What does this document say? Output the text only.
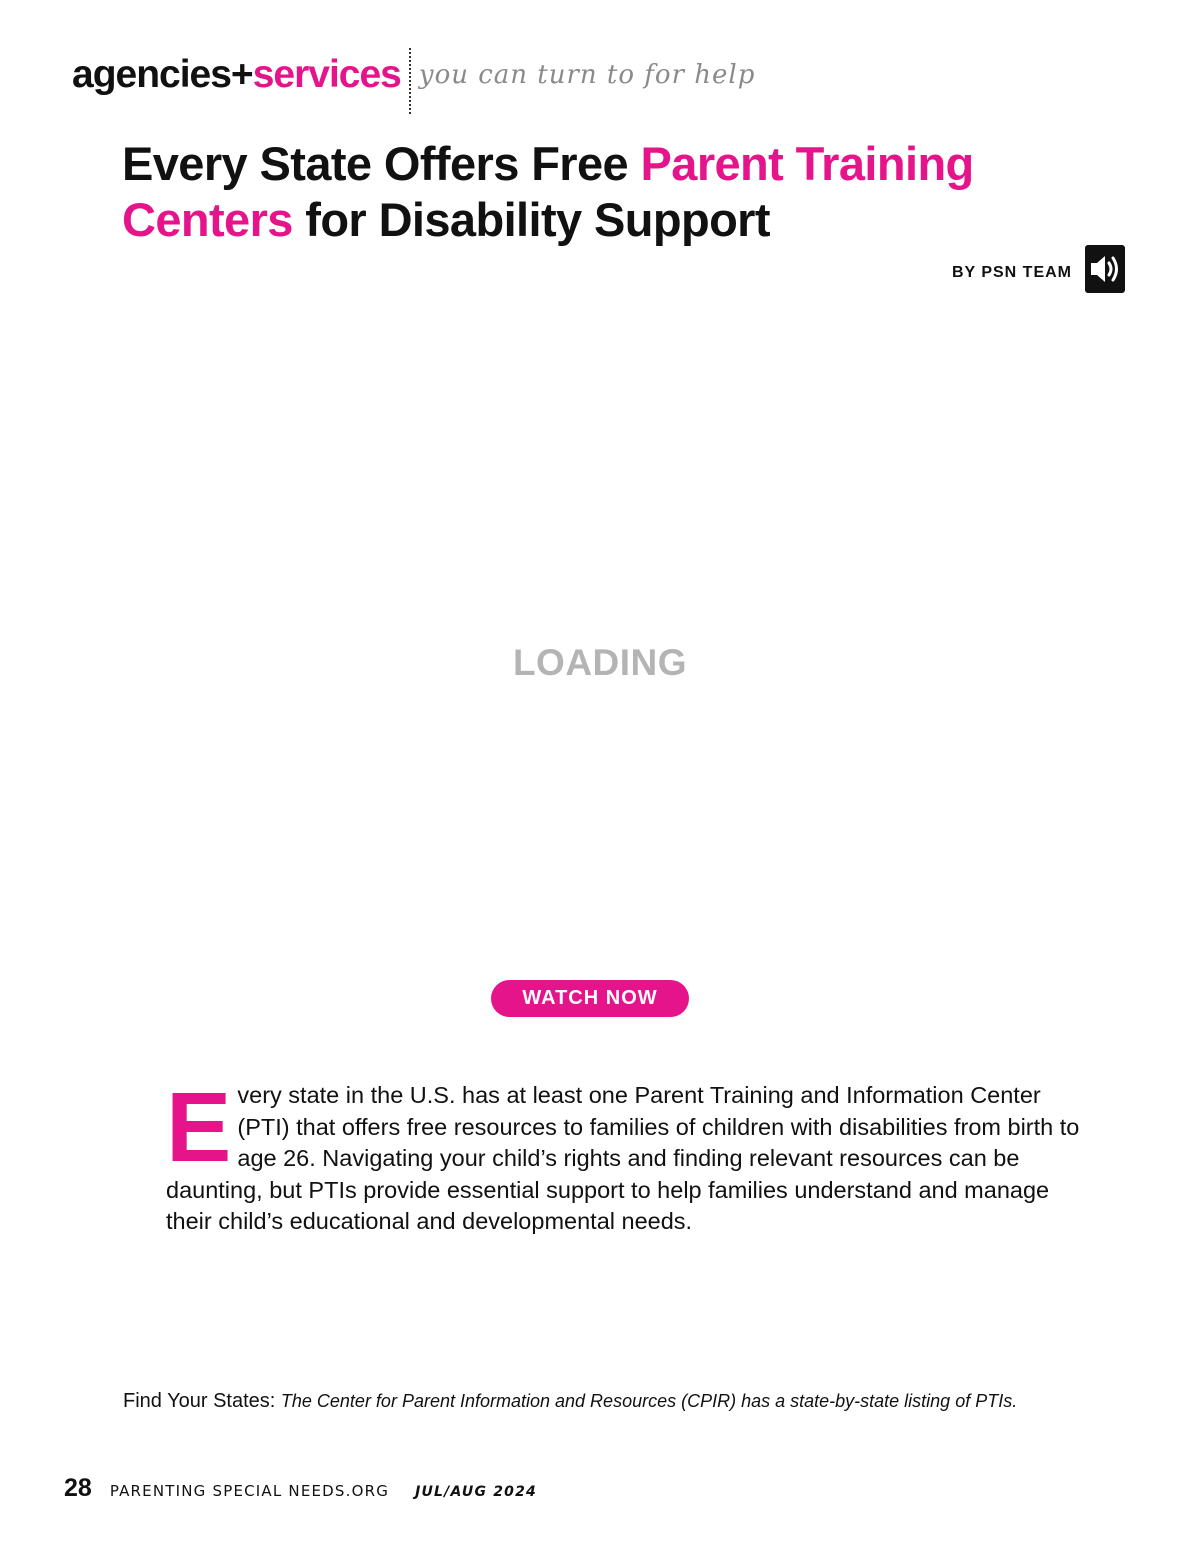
agencies+services you can turn to for help
Every State Offers Free Parent Training Centers for Disability Support
BY PSN TEAM
LOADING
WATCH NOW

Every state in the U.S. has at least one Parent Training and Information Center (PTI) that offers free resources to families of children with disabilities from birth to age 26. Navigating your child’s rights and finding relevant resources can be daunting, but PTIs provide essential support to help families understand and manage their child’s educational and developmental needs.

Find Your States: The Center for Parent Information and Resources (CPIR) has a state-by-state listing of PTIs.
28 PARENTING SPECIAL NEEDS.ORG JUL/AUG 2024
